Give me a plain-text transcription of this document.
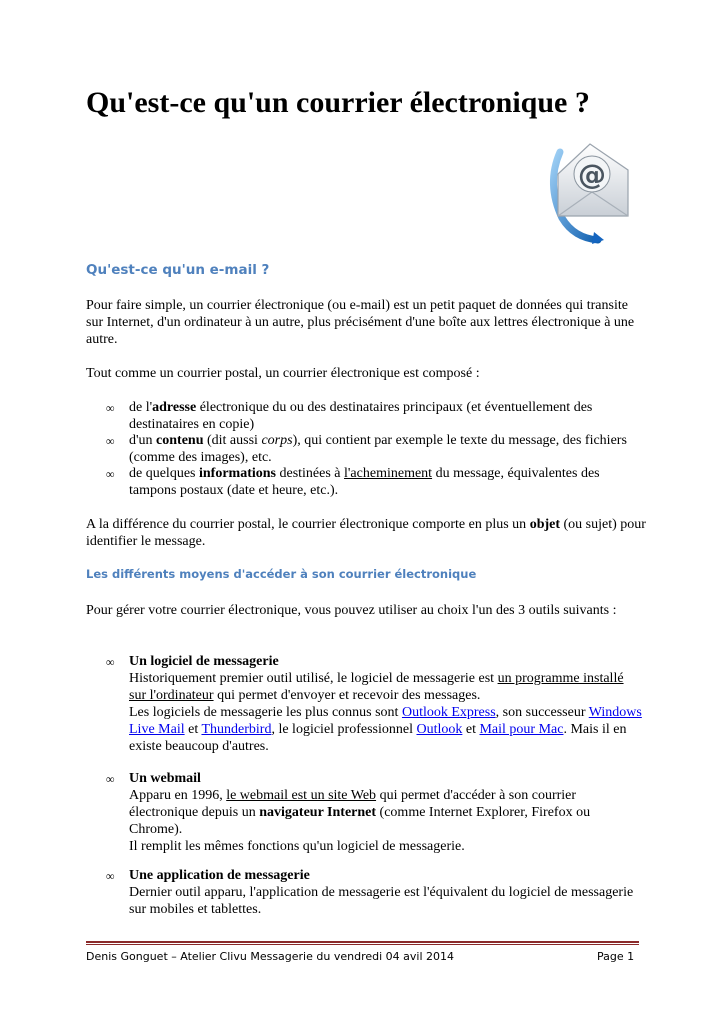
Qu'est-ce qu'un courrier électronique ?
@
Qu'est-ce qu'un e-mail ?
Pour faire simple, un courrier électronique (ou e-mail) est un petit paquet de données qui transite sur Internet, d'un ordinateur à un autre, plus précisément d'une boîte aux lettres électronique à une autre.
Tout comme un courrier postal, un courrier électronique est composé :
∞ de l'adresse électronique du ou des destinataires principaux (et éventuellement des destinataires en copie)
∞ d'un contenu (dit aussi corps), qui contient par exemple le texte du message, des fichiers (comme des images), etc.
∞ de quelques informations destinées à l'acheminement du message, équivalentes des tampons postaux (date et heure, etc.).
A la différence du courrier postal, le courrier électronique comporte en plus un objet (ou sujet) pour identifier le message.
Les différents moyens d'accéder à son courrier électronique
Pour gérer votre courrier électronique, vous pouvez utiliser au choix l'un des 3 outils suivants :
∞ Un logiciel de messagerie
Historiquement premier outil utilisé, le logiciel de messagerie est un programme installé sur l'ordinateur qui permet d'envoyer et recevoir des messages.
Les logiciels de messagerie les plus connus sont Outlook Express, son successeur Windows Live Mail et Thunderbird, le logiciel professionnel Outlook et Mail pour Mac. Mais il en existe beaucoup d'autres.
∞ Un webmail
Apparu en 1996, le webmail est un site Web qui permet d'accéder à son courrier électronique depuis un navigateur Internet (comme Internet Explorer, Firefox ou Chrome).
Il remplit les mêmes fonctions qu'un logiciel de messagerie.
∞ Une application de messagerie
Dernier outil apparu, l'application de messagerie est l'équivalent du logiciel de messagerie sur mobiles et tablettes.
Denis Gonguet – Atelier Clivu Messagerie du vendredi 04 avil 2014	Page 1
